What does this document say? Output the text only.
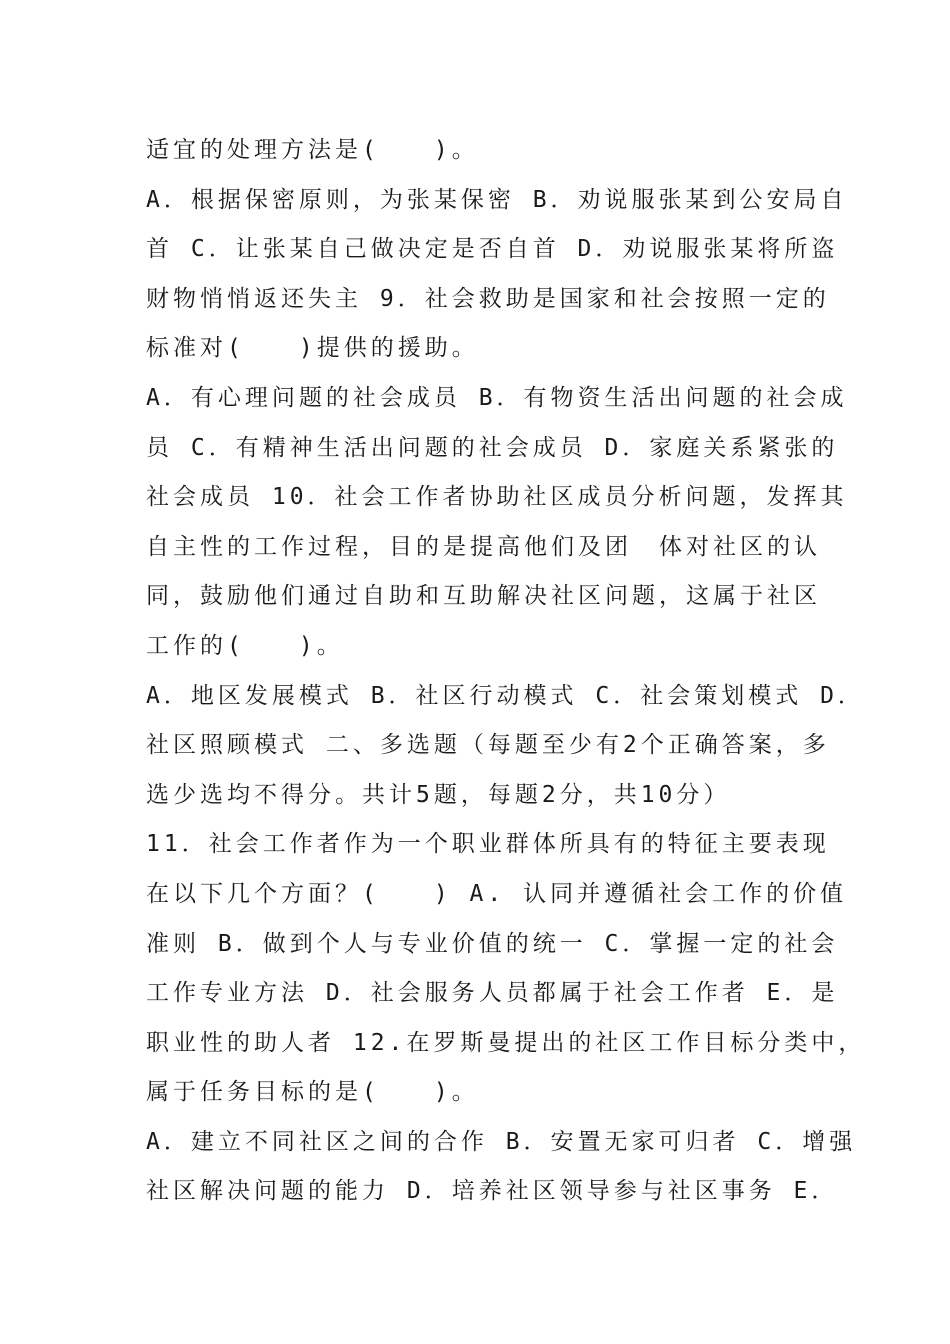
适宜的处理方法是(　　)。
A．根据保密原则，为张某保密 B．劝说服张某到公安局自
首 C．让张某自己做决定是否自首 D．劝说服张某将所盗
财物悄悄返还失主 9．社会救助是国家和社会按照一定的
标准对(　　)提供的援助。
A．有心理问题的社会成员 B．有物资生活出问题的社会成
员 C．有精神生活出问题的社会成员 D．家庭关系紧张的
社会成员 10．社会工作者协助社区成员分析问题，发挥其
自主性的工作过程，目的是提高他们及团　体对社区的认
同，鼓励他们通过自助和互助解决社区问题，这属于社区
工作的(　　)。
A．地区发展模式 B．社区行动模式 C．社会策划模式 D．
社区照顾模式 二、多选题（每题至少有2个正确答案，多
选少选均不得分。共计5题，每题2分，共10分）
11．社会工作者作为一个职业群体所具有的特征主要表现
在以下几个方面？(　　) A. 认同并遵循社会工作的价值
准则 B．做到个人与专业价值的统一 C．掌握一定的社会
工作专业方法 D．社会服务人员都属于社会工作者 E．是
职业性的助人者 12.在罗斯曼提出的社区工作目标分类中，
属于任务目标的是(　　)。
A．建立不同社区之间的合作 B．安置无家可归者 C．增强
社区解决问题的能力 D．培养社区领导参与社区事务 E．
